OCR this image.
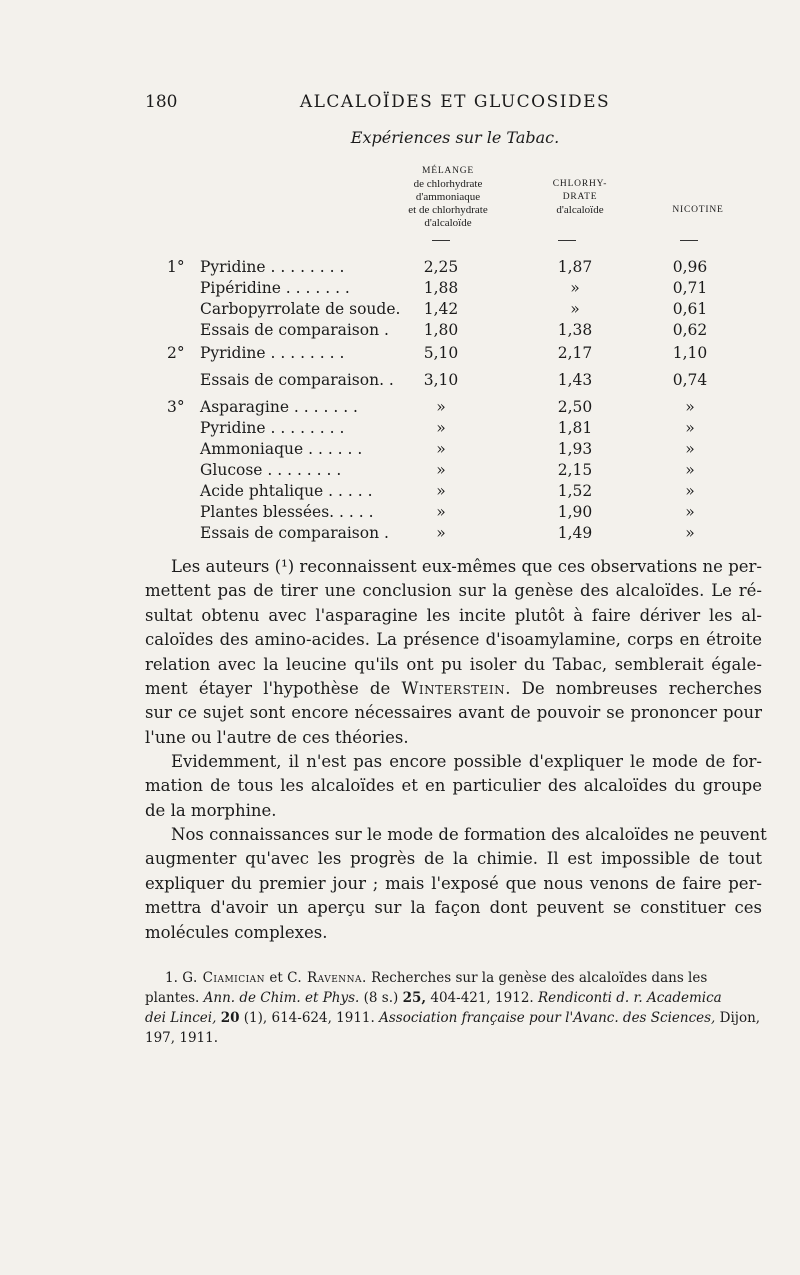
180	ALCALOÏDES ET GLUCOSIDES
Expériences sur le Tabac.
MÉLANGE
de chlorhydrate
d'ammoniaque
et de chlorhydrate
d'alcaloïde
CHLORHY-
DRATE
d'alcaloïde	NICOTINE
1° Pyridine . . . . . . . .	2,25	1,87	0,96
Pipéridine . . . . . . .	1,88	»	0,71
Carbopyrrolate de soude.	1,42	»	0,61
Essais de comparaison .	1,80	1,38	0,62
2° Pyridine . . . . . . . .	5,10	2,17	1,10
Essais de comparaison. .	3,10	1,43	0,74
3° Asparagine . . . . . . .	»	2,50	»
Pyridine . . . . . . . .	»	1,81	»
Ammoniaque . . . . . .	»	1,93	»
Glucose . . . . . . . .	»	2,15	»
Acide phtalique . . . . .	»	1,52	»
Plantes blessées. . . . .	»	1,90	»
Essais de comparaison .	»	1,49	»
Les auteurs (¹) reconnaissent eux-mêmes que ces observations ne per-
mettent pas de tirer une conclusion sur la genèse des alcaloïdes. Le ré-
sultat obtenu avec l'asparagine les incite plutôt à faire dériver les al-
caloïdes des amino-acides. La présence d'isoamylamine, corps en étroite
relation avec la leucine qu'ils ont pu isoler du Tabac, semblerait égale-
ment étayer l'hypothèse de Winterstein. De nombreuses recherches
sur ce sujet sont encore nécessaires avant de pouvoir se prononcer pour
l'une ou l'autre de ces théories.
Evidemment, il n'est pas encore possible d'expliquer le mode de for-
mation de tous les alcaloïdes et en particulier des alcaloïdes du groupe
de la morphine.
Nos connaissances sur le mode de formation des alcaloïdes ne peuvent
augmenter qu'avec les progrès de la chimie. Il est impossible de tout
expliquer du premier jour ; mais l'exposé que nous venons de faire per-
mettra d'avoir un aperçu sur la façon dont peuvent se constituer ces
molécules complexes.
1. G. Ciamician et C. Ravenna. Recherches sur la genèse des alcaloïdes dans les
plantes. Ann. de Chim. et Phys. (8 s.) 25, 404-421, 1912. Rendiconti d. r. Academica
dei Lincei, 20 (1), 614-624, 1911. Association française pour l'Avanc. des Sciences, Dijon,
197, 1911.
